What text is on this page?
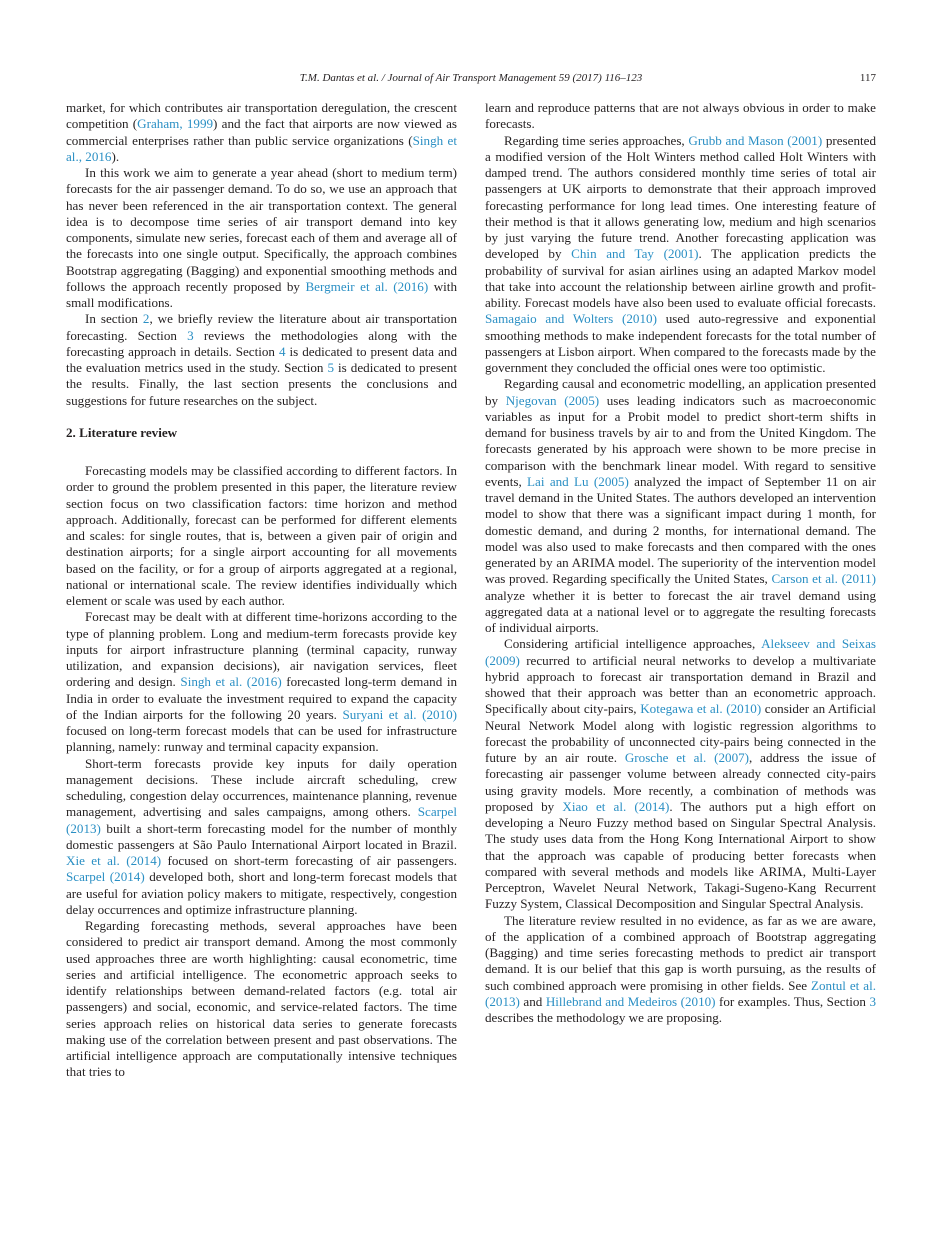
T.M. Dantas et al. / Journal of Air Transport Management 59 (2017) 116–123	117

market, for which contributes air transportation deregulation, the crescent competition (Graham, 1999) and the fact that airports are now viewed as commercial enterprises rather than public service organizations (Singh et al., 2016).

In this work we aim to generate a year ahead (short to medium term) forecasts for the air passenger demand. To do so, we use an approach that has never been referenced in the air transportation context. The general idea is to decompose time series of air transport demand into key components, simulate new series, forecast each of them and average all of the forecasts into one single output. Specifically, the approach combines Bootstrap aggregating (Bagging) and exponential smoothing methods and follows the approach recently proposed by Bergmeir et al. (2016) with small modifications.

In section 2, we briefly review the literature about air transportation forecasting. Section 3 reviews the methodologies along with the forecasting approach in details. Section 4 is dedicated to present data and the evaluation metrics used in the study. Section 5 is dedicated to present the results. Finally, the last section presents the conclusions and suggestions for future researches on the subject.

2. Literature review

Forecasting models may be classified according to different factors. In order to ground the problem presented in this paper, the literature review section focus on two classification factors: time horizon and method approach. Additionally, forecast can be performed for different elements and scales: for single routes, that is, between a given pair of origin and destination airports; for a single airport accounting for all movements based on the facility, or for a group of airports aggregated at a regional, national or international scale. The review identifies individually which element or scale was used by each author.

Forecast may be dealt with at different time-horizons according to the type of planning problem. Long and medium-term forecasts provide key inputs for airport infrastructure planning (terminal capacity, runway utilization, and expansion decisions), air navigation services, fleet ordering and design. Singh et al. (2016) forecasted long-term demand in India in order to evaluate the investment required to expand the capacity of the Indian airports for the following 20 years. Suryani et al. (2010) focused on long-term forecast models that can be used for infrastructure planning, namely: runway and terminal capacity expansion.

Short-term forecasts provide key inputs for daily operation management decisions. These include aircraft scheduling, crew scheduling, congestion delay occurrences, maintenance planning, revenue management, advertising and sales campaigns, among others. Scarpel (2013) built a short-term forecasting model for the number of monthly domestic passengers at São Paulo International Airport located in Brazil. Xie et al. (2014) focused on short-term forecasting of air passengers. Scarpel (2014) developed both, short and long-term forecast models that are useful for aviation policy makers to mitigate, respectively, congestion delay occurrences and optimize infrastructure planning.

Regarding forecasting methods, several approaches have been considered to predict air transport demand. Among the most commonly used approaches three are worth highlighting: causal econometric, time series and artificial intelligence. The econometric approach seeks to identify relationships between demand-related factors (e.g. total air passengers) and social, economic, and service-related factors. The time series approach relies on historical data series to generate forecasts making use of the correlation between present and past observations. The artificial intelligence approach are computationally intensive techniques that tries to

learn and reproduce patterns that are not always obvious in order to make forecasts.

Regarding time series approaches, Grubb and Mason (2001) presented a modified version of the Holt Winters method called Holt Winters with damped trend. The authors considered monthly time series of total air passengers at UK airports to demonstrate that their approach improved forecasting performance for long lead times. One interesting feature of their method is that it allows generating low, medium and high scenarios by just varying the future trend. Another forecasting application was developed by Chin and Tay (2001). The application predicts the probability of survival for asian airlines using an adapted Markov model that take into account the relationship between airline growth and profitability. Forecast models have also been used to evaluate official forecasts. Samagaio and Wolters (2010) used auto-regressive and exponential smoothing methods to make independent forecasts for the total number of passengers at Lisbon airport. When compared to the forecasts made by the government they concluded the official ones were too optimistic.

Regarding causal and econometric modelling, an application presented by Njegovan (2005) uses leading indicators such as macroeconomic variables as input for a Probit model to predict short-term shifts in demand for business travels by air to and from the United Kingdom. The forecasts generated by his approach were shown to be more precise in comparison with the benchmark linear model. With regard to sensitive events, Lai and Lu (2005) analyzed the impact of September 11 on air travel demand in the United States. The authors developed an intervention model to show that there was a significant impact during 1 month, for domestic demand, and during 2 months, for international demand. The model was also used to make forecasts and then compared with the ones generated by an ARIMA model. The superiority of the intervention model was proved. Regarding specifically the United States, Carson et al. (2011) analyze whether it is better to forecast the air travel demand using aggregated data at a national level or to aggregate the resulting forecasts of individual airports.

Considering artificial intelligence approaches, Alekseev and Seixas (2009) recurred to artificial neural networks to develop a multivariate hybrid approach to forecast air transportation demand in Brazil and showed that their approach was better than an econometric approach. Specifically about city-pairs, Kotegawa et al. (2010) consider an Artificial Neural Network Model along with logistic regression algorithms to forecast the probability of unconnected city-pairs being connected in the future by an air route. Grosche et al. (2007), address the issue of forecasting air passenger volume between already connected city-pairs using gravity models. More recently, a combination of methods was proposed by Xiao et al. (2014). The authors put a high effort on developing a Neuro Fuzzy method based on Singular Spectral Analysis. The study uses data from the Hong Kong International Airport to show that the approach was capable of producing better forecasts when compared with several methods and models like ARIMA, Multi-Layer Perceptron, Wavelet Neural Network, Takagi-Sugeno-Kang Recurrent Fuzzy System, Classical Decomposition and Singular Spectral Analysis.

The literature review resulted in no evidence, as far as we are aware, of the application of a combined approach of Bootstrap aggregating (Bagging) and time series forecasting methods to predict air transport demand. It is our belief that this gap is worth pursuing, as the results of such combined approach were promising in other fields. See Zontul et al. (2013) and Hillebrand and Medeiros (2010) for examples. Thus, Section 3 describes the methodology we are proposing.
